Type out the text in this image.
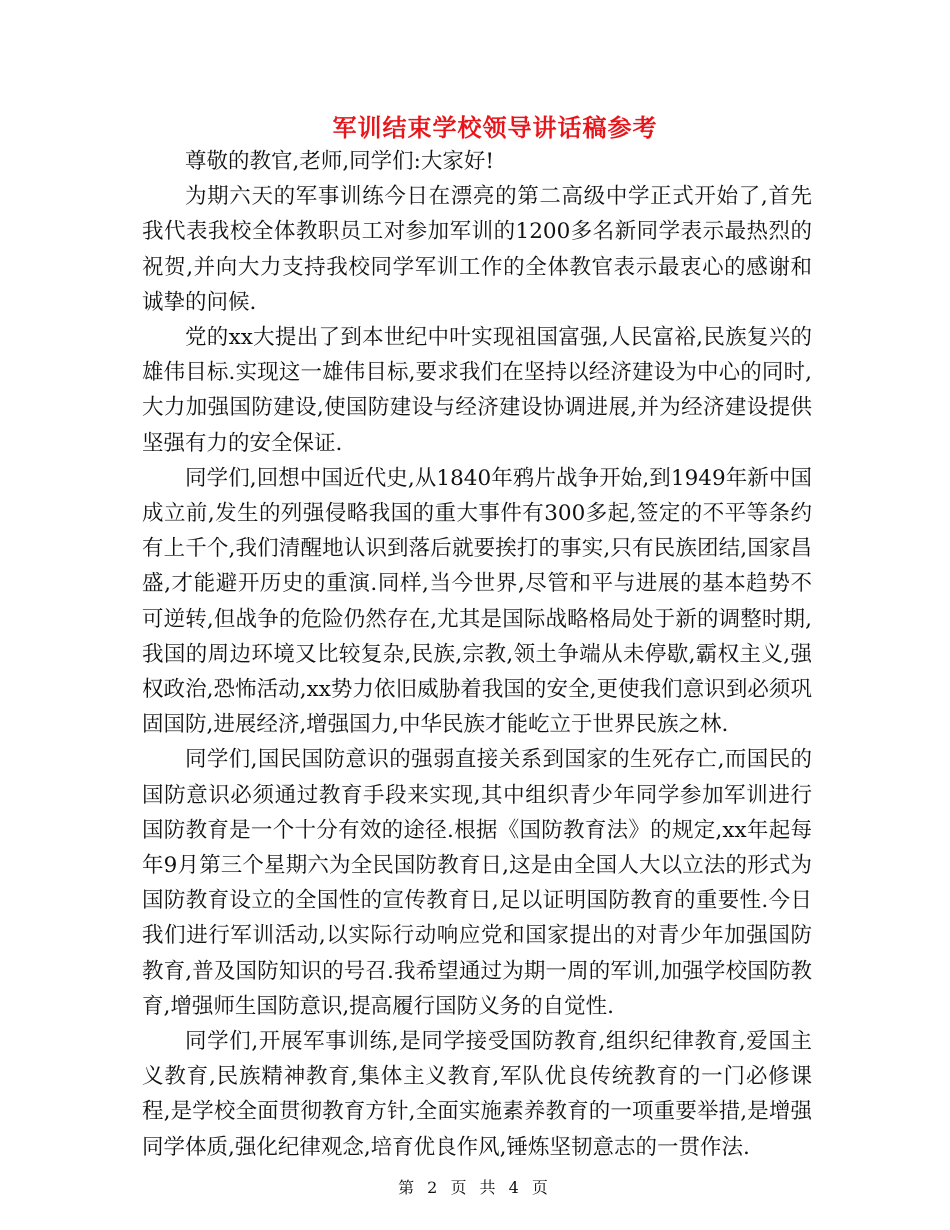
军训结束学校领导讲话稿参考

尊敬的教官,老师,同学们:大家好!

为期六天的军事训练今日在漂亮的第二高级中学正式开始了,首先我代表我校全体教职员工对参加军训的1200多名新同学表示最热烈的祝贺,并向大力支持我校同学军训工作的全体教官表示最衷心的感谢和诚挚的问候.

党的xx大提出了到本世纪中叶实现祖国富强,人民富裕,民族复兴的雄伟目标.实现这一雄伟目标,要求我们在坚持以经济建设为中心的同时,大力加强国防建设,使国防建设与经济建设协调进展,并为经济建设提供坚强有力的安全保证.

同学们,回想中国近代史,从1840年鸦片战争开始,到1949年新中国成立前,发生的列强侵略我国的重大事件有300多起,签定的不平等条约有上千个,我们清醒地认识到落后就要挨打的事实,只有民族团结,国家昌盛,才能避开历史的重演.同样,当今世界,尽管和平与进展的基本趋势不可逆转,但战争的危险仍然存在,尤其是国际战略格局处于新的调整时期,我国的周边环境又比较复杂,民族,宗教,领土争端从未停歇,霸权主义,强权政治,恐怖活动,xx势力依旧威胁着我国的安全,更使我们意识到必须巩固国防,进展经济,增强国力,中华民族才能屹立于世界民族之林.

同学们,国民国防意识的强弱直接关系到国家的生死存亡,而国民的国防意识必须通过教育手段来实现,其中组织青少年同学参加军训进行国防教育是一个十分有效的途径.根据《国防教育法》的规定,xx年起每年9月第三个星期六为全民国防教育日,这是由全国人大以立法的形式为国防教育设立的全国性的宣传教育日,足以证明国防教育的重要性.今日我们进行军训活动,以实际行动响应党和国家提出的对青少年加强国防教育,普及国防知识的号召.我希望通过为期一周的军训,加强学校国防教育,增强师生国防意识,提高履行国防义务的自觉性.

同学们,开展军事训练,是同学接受国防教育,组织纪律教育,爱国主义教育,民族精神教育,集体主义教育,军队优良传统教育的一门必修课程,是学校全面贯彻教育方针,全面实施素养教育的一项重要举措,是增强同学体质,强化纪律观念,培育优良作风,锤炼坚韧意志的一贯作法.

第 2 页 共 4 页
